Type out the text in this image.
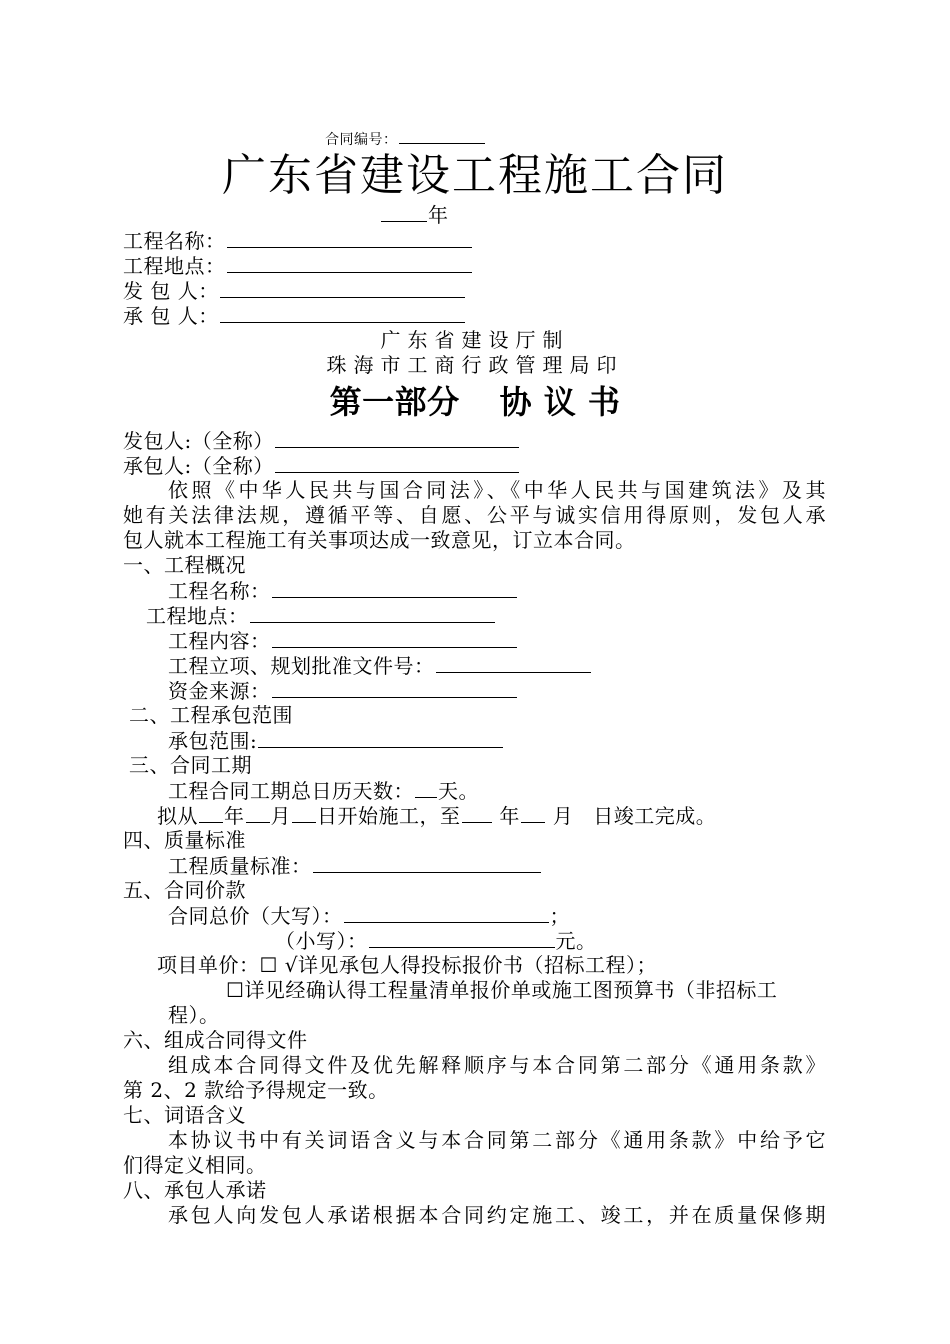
合同编号：
广东省建设工程施工合同
年
工程名称：
工程地点：
发 包 人：
承 包 人：
广东省建设厅制
珠海市工商行政管理局印
第一部分 协 议 书
发包人:（全称）
承包人:（全称）
依照《中华人民共与国合同法》、《中华人民共与国建筑法》及其
她有关法律法规，遵循平等、自愿、公平与诚实信用得原则，发包人承
包人就本工程施工有关事项达成一致意见，订立本合同。
一、工程概况
工程名称：
工程地点：
工程内容：
工程立项、规划批准文件号：
资金来源：
二、工程承包范围
承包范围:
三、合同工期
工程合同工期总日历天数： 天。
拟从 年 月 日开始施工，至 年 月 日竣工完成。
四、质量标准
工程质量标准：
五、合同价款
合同总价（大写）：	；
（小写）：	元。
项目单价：☐ √详见承包人得投标报价书（招标工程）；
☐详见经确认得工程量清单报价单或施工图预算书（非招标工
程）。
六、组成合同得文件
组成本合同得文件及优先解释顺序与本合同第二部分《通用条款》
第 2、2 款给予得规定一致。
七、词语含义
本协议书中有关词语含义与本合同第二部分《通用条款》中给予它
们得定义相同。
八、承包人承诺
承包人向发包人承诺根据本合同约定施工、竣工，并在质量保修期
